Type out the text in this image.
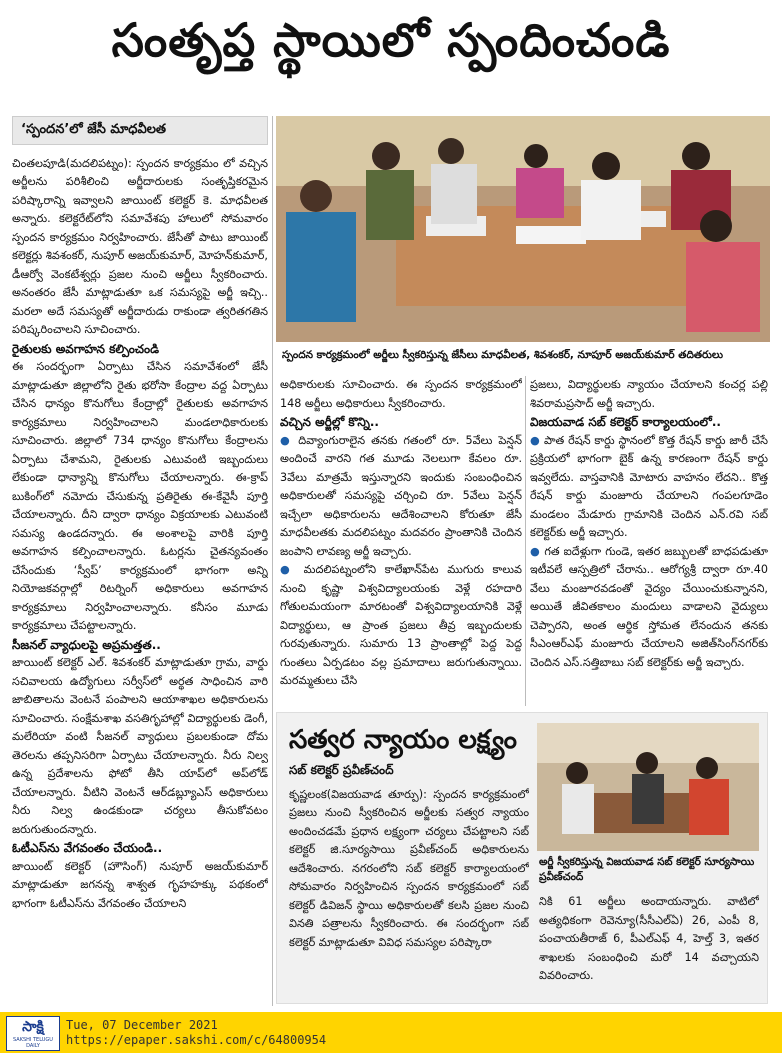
సంతృప్త స్థాయిలో స్పందించండి
‘స్పందన’లో జేసీ మాధవీలత

చింతలపూడి(మదలిపట్నం): స్పందన కార్యక్రమం లో వచ్చిన అర్జీలను పరిశీలించి అర్జీదారులకు సంతృప్తికరమైన పరిష్కారాన్ని ఇవ్వాలని జాయింట్ కలెక్టర్ కె. మాధవీలత అన్నారు. కలెక్టరేట్‌లోని సమావేశపు హాలులో సోమవారం స్పందన కార్యక్రమం నిర్వహించారు. జేసీతో పాటు జాయింట్ కలెక్టర్లు శివశంకర్, నుపూర్ అజయ్‌కుమార్, మోహన్‌కుమార్, డీఆర్వో వెంకటేశ్వర్లు ప్రజల నుంచి అర్జీలు స్వీకరించారు. అనంతరం జేసీ మాట్లాడుతూ ఒక సమస్యపై అర్జీ ఇచ్చి.. మరలా అదే సమస్యతో అర్జీదారుడు రాకుండా త్వరితగతిన పరిష్కరించాలని సూచించారు.

రైతులకు అవగాహన కల్పించండి

ఈ సందర్భంగా ఏర్పాటు చేసిన సమావేశంలో జేసీ మాట్లాడుతూ జిల్లాలోని రైతు భరోసా కేంద్రాల వద్ద ఏర్పాటు చేసిన ధాన్యం కొనుగోలు కేంద్రాల్లో రైతులకు అవగాహన కార్యక్రమాలు నిర్వహించాలని మండలాధికారులకు సూచించారు. జిల్లాలో 734 ధాన్యం కొనుగోలు కేంద్రాలను ఏర్పాటు చేశామని, రైతులకు ఎటువంటి ఇబ్బందులు లేకుండా ధాన్యాన్ని కొనుగోలు చేయాలన్నారు. ఈ-క్రాప్ బుకింగ్‌లో నమోదు చేసుకున్న ప్రతిరైతు ఈ-కేవైసీ పూర్తి చేయాలన్నారు. దీని ద్వారా ధాన్యం విక్రయాలకు ఎటువంటి సమస్య ఉండదన్నారు. ఈ అంశాలపై వారికి పూర్తి అవగాహన కల్పించాలన్నారు. ఓటర్లను చైతన్యవంతం చేసేందుకు ‘స్వీప్’ కార్యక్రమంలో భాగంగా అన్ని నియోజకవర్గాల్లో రిటర్నింగ్ అధికారులు అవగాహన కార్యక్రమాలు నిర్వహించాలన్నారు. కనీసం మూడు కార్యక్రమాలు చేపట్టాలన్నారు.

సీజనల్ వ్యాధులపై అప్రమత్తత..

జాయింట్ కలెక్టర్ ఎల్. శివశంకర్ మాట్లాడుతూ గ్రామ, వార్డు సచివాలయ ఉద్యోగులు సర్వీస్‌లో అర్థత సాధించిన వారి జాబితాలను వెంటనే పంపాలని ఆయాశాఖల అధికారులను సూచించారు. సంక్షేమశాఖ వసతిగృహాల్లో విద్యార్థులకు డెంగీ, మలేరియా వంటి సీజనల్ వ్యాధులు ప్రబలకుండా దోమ తెరలను తప్పనిసరిగా ఏర్పాటు చేయాలన్నారు. నీరు నిల్వ ఉన్న ప్రదేశాలను ఫోటో తీసి యాప్‌లో అప్‌లోడ్ చేయాలన్నారు. వీటిని వెంటనే ఆర్‌డబ్ల్యూఎస్ అధికారులు నీరు నిల్వ ఉండకుండా చర్యలు తీసుకోవటం జరుగుతుందన్నారు.

ఓటీఎస్‌ను వేగవంతం చేయండి..

జాయింట్ కలెక్టర్ (హౌసింగ్) నుపూర్ అజయ్‌కుమార్ మాట్లాడుతూ జగనన్న శాశ్వత గృహహక్కు పథకంలో భాగంగా ఓటీఎస్‌ను వేగవంతం చేయాలని

స్పందన కార్యక్రమంలో అర్జీలు స్వీకరిస్తున్న జేసీలు మాధవీలత, శివశంకర్, నూపూర్ అజయ్‌కుమార్ తదితరులు

అధికారులకు సూచించారు. ఈ స్పందన కార్యక్రమంలో 148 అర్జీలు అధికారులు స్వీకరించారు.

వచ్చిన అర్జీల్లో కొన్ని..

● దివ్యాంగురాలైన తనకు గతంలో రూ. 5వేలు పెన్షన్ అందించే వారని గత మూడు నెలలుగా కేవలం రూ. 3వేలు మాత్రమే ఇస్తున్నారని ఇందుకు సంబంధించిన అధికారులతో సమస్యపై చర్చించి రూ. 5వేలు పెన్షన్ ఇచ్చేలా అధికారులను ఆదేశించాలని కోరుతూ జేసీ మాధవీలతకు మదలిపట్నం మదవరం ప్రాంతానికి చెందిన జంపాని లావణ్య అర్జీ ఇచ్చారు.

● మదలిపట్నంలోని కాలేఖాన్‌పేట ముగురు కాలువ నుంచి కృష్ణా విశ్వవిద్యాలయంకు వెళ్లే రహదారి గోతులమయంగా మారటంతో విశ్వవిద్యాలయానికి వెళ్లే విద్యార్థులు, ఆ ప్రాంత ప్రజలు తీవ్ర ఇబ్బందులకు గురవుతున్నారు. సుమారు 13 ప్రాంతాల్లో పెద్ద పెద్ద గుంతలు ఏర్పడటం వల్ల ప్రమాదాలు జరుగుతున్నాయి. మరమ్మతులు చేసి

ప్రజలు, విద్యార్థులకు న్యాయం చేయాలని కంచర్ల పల్లి శివరామప్రసాద్ అర్జీ ఇచ్చారు.

విజయవాడ సబ్ కలెక్టర్ కార్యాలయంలో..

● పాత రేషన్ కార్డు స్థానంలో కొత్త రేషన్ కార్డు జారీ చేసే ప్రక్రియలో భాగంగా బైక్ ఉన్న కారణంగా రేషన్ కార్డు ఇవ్వలేదు. వాస్తవానికి మోటారు వాహనం లేదని.. కొత్త రేషన్ కార్డు మంజూరు చేయాలని గంపలగూడెం మండలం మేడూరు గ్రామానికి చెందిన ఎన్.రవి సబ్ కలెక్టర్‌కు అర్జీ ఇచ్చారు.

● గత ఐదేళ్లుగా గుండె, ఇతర జబ్బులతో బాధపడుతూ ఇటీవలే ఆస్పత్రిలో చేరాను.. ఆరోగ్యశ్రీ ద్వారా రూ.40 వేలు మంజూరవడంతో వైద్యం చేయించుకున్నానని, అయితే జీవితకాలం మందులు వాడాలని వైద్యులు చెప్పారని, అంత ఆర్థిక స్తోమత లేనందున తనకు సీఎంఆర్ఎఫ్ మంజూరు చేయాలని అజిత్‌సింగ్‌నగర్‌కు చెందిన ఎస్.సత్తిబాబు సబ్ కలెక్టర్‌కు అర్జీ ఇచ్చారు.

సత్వర న్యాయం లక్ష్యం
సబ్ కలెక్టర్ ప్రవీణ్‌చంద్

కృష్ణలంక(విజయవాడ తూర్పు): స్పందన కార్యక్రమంలో ప్రజలు నుంచి స్వీకరించిన అర్జీలకు సత్వర న్యాయం అందించడమే ప్రధాన లక్ష్యంగా చర్యలు చేపట్టాలని సబ్ కలెక్టర్ జి.సూర్యసాయి ప్రవీణ్‌చంద్ అధికారులను ఆదేశించారు. నగరంలోని సబ్ కలెక్టర్ కార్యాలయంలో సోమవారం నిర్వహించిన స్పందన కార్యక్రమంలో సబ్ కలెక్టర్ డివిజన్ స్థాయి అధికారులతో కలసి ప్రజల నుంచి వినతి పత్రాలను స్వీకరించారు. ఈ సందర్భంగా సబ్ కలెక్టర్ మాట్లాడుతూ వివిధ సమస్యల పరిష్కారా

అర్జీ స్వీకరిస్తున్న విజయవాడ సబ్ కలెక్టర్ సూర్యసాయి ప్రవీణ్‌చంద్

నికి 61 అర్జీలు అందాయన్నారు. వాటిలో అత్యధికంగా రెవెన్యూ(సీసీఎల్ఏ) 26, ఎంపీ 8, పంచాయతీరాజ్ 6, పీఎల్ఎఫ్ 4, హెల్త్ 3, ఇతర శాఖలకు సంబంధించి మరో 14 వచ్చాయని వివరించారు.

సాక్షి
SAKSHI TELUGU DAILY
Tue, 07 December 2021
https://epaper.sakshi.com/c/64800954
